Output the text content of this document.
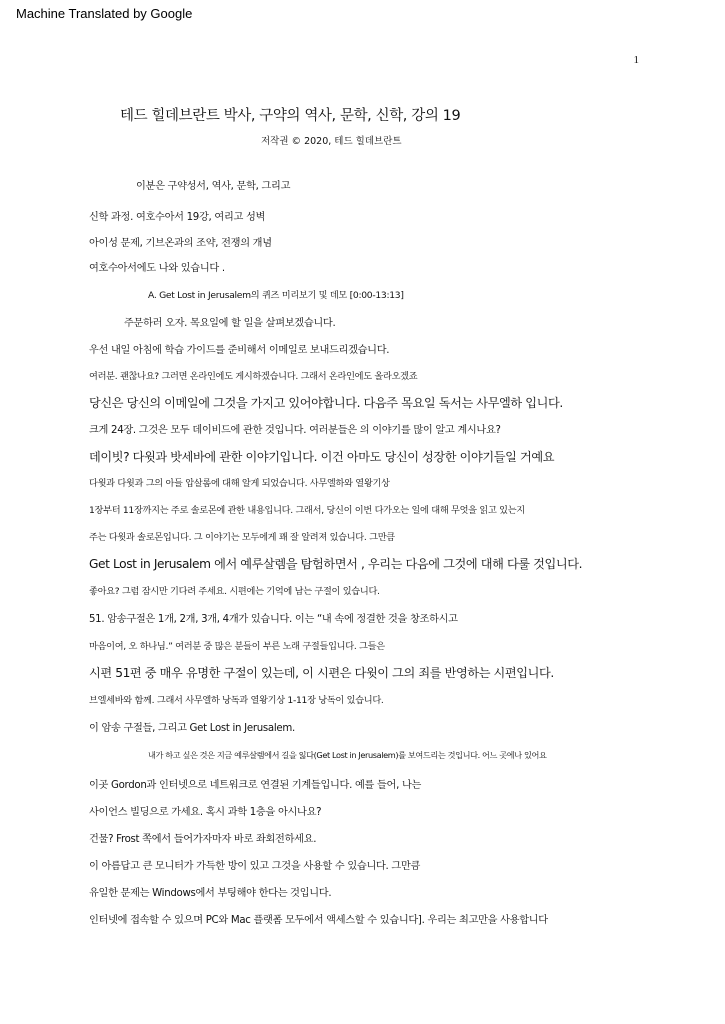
Machine Translated by Google
1
테드 힐데브란트 박사, 구약의 역사, 문학, 신학, 강의 19
저작권 © 2020, 테드 힐데브란트
이분은 구약성서, 역사, 문학, 그리고
신학 과정. 여호수아서 19강, 여리고 성벽
아이성 문제, 기브온과의 조약, 전쟁의 개념
여호수아서에도 나와 있습니다 .
A. Get Lost in Jerusalem의 퀴즈 미리보기 및 데모 [0:00-13:13]
주문하러 오자. 목요일에 할 일을 살펴보겠습니다.
우선 내일 아침에 학습 가이드를 준비해서 이메일로 보내드리겠습니다.
여러분. 괜찮나요? 그러면 온라인에도 게시하겠습니다. 그래서 온라인에도 올라오겠죠
당신은 당신의 이메일에 그것을 가지고 있어야합니다. 다음주 목요일 독서는 사무엘하 입니다.
크게 24장. 그것은 모두 데이비드에 관한 것입니다. 여러분들은 의 이야기를 많이 알고 계시나요?
데이빗? 다윗과 밧세바에 관한 이야기입니다. 이건 아마도 당신이 성장한 이야기들일 거예요
다윗과 다윗과 그의 아들 압살롬에 대해 알게 되었습니다. 사무엘하와 열왕기상
1장부터 11장까지는 주로 솔로몬에 관한 내용입니다. 그래서, 당신이 이번 다가오는 일에 대해 무엇을 읽고 있는지
주는 다윗과 솔로몬입니다. 그 이야기는 모두에게 꽤 잘 알려져 있습니다. 그만큼
Get Lost in Jerusalem 에서 예루살렘을 탐험하면서 , 우리는 다음에 그것에 대해 다룰 것입니다.
좋아요? 그럼 잠시만 기다려 주세요. 시편에는 기억에 남는 구절이 있습니다.
51. 암송구절은 1개, 2개, 3개, 4개가 있습니다. 이는 “내 속에 정결한 것을 창조하시고
마음이여, 오 하나님.” 여러분 중 많은 분들이 부른 노래 구절들입니다. 그들은
시편 51편 중 매우 유명한 구절이 있는데, 이 시편은 다윗이 그의 죄를 반영하는 시편입니다.
브엘세바와 함께. 그래서 사무엘하 낭독과 열왕기상 1-11장 낭독이 있습니다.
이 암송 구절들, 그리고 Get Lost in Jerusalem.
내가 하고 싶은 것은 지금 예루살렘에서 길을 잃다(Get Lost in Jerusalem)를 보여드리는 것입니다. 어느 곳에나 있어요
이곳 Gordon과 인터넷으로 네트워크로 연결된 기계들입니다. 예를 들어, 나는
사이언스 빌딩으로 가세요. 혹시 과학 1층을 아시나요?
건물? Frost 쪽에서 들어가자마자 바로 좌회전하세요.
이 아름답고 큰 모니터가 가득한 방이 있고 그것을 사용할 수 있습니다. 그만큼
유일한 문제는 Windows에서 부팅해야 한다는 것입니다.
인터넷에 접속할 수 있으며 PC와 Mac 플랫폼 모두에서 액세스할 수 있습니다]. 우리는 최고만을 사용합니다
